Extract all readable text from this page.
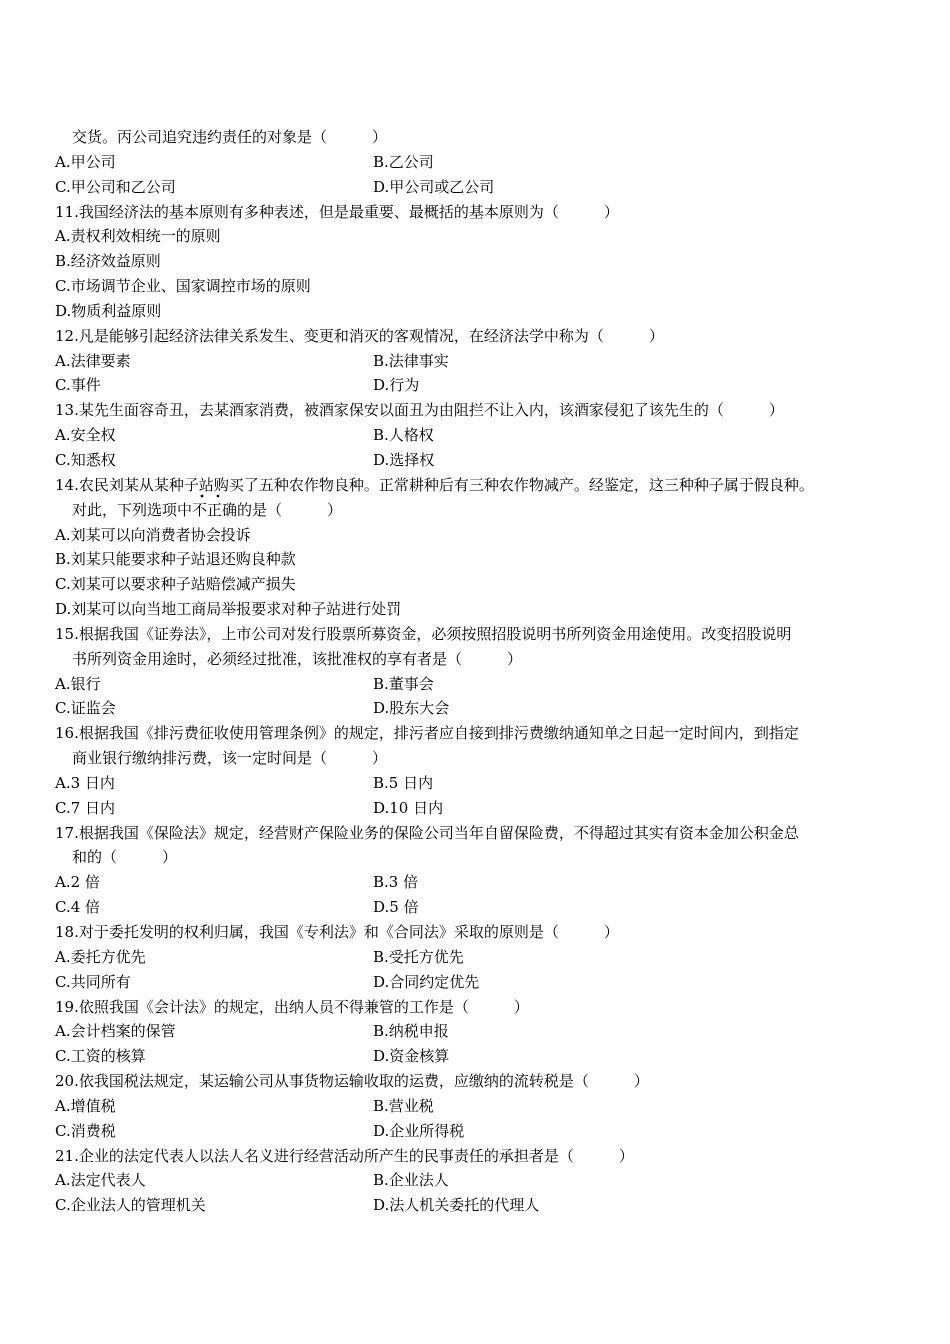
交货。丙公司追究违约责任的对象是（　　　）
A.甲公司	B.乙公司
C.甲公司和乙公司	D.甲公司或乙公司
11.我国经济法的基本原则有多种表述，但是最重要、最概括的基本原则为（　　　）
A.责权利效相统一的原则
B.经济效益原则
C.市场调节企业、国家调控市场的原则
D.物质利益原则
12.凡是能够引起经济法律关系发生、变更和消灭的客观情况，在经济法学中称为（　　　）
A.法律要素	B.法律事实
C.事件	D.行为
13.某先生面容奇丑，去某酒家消费，被酒家保安以面丑为由阻拦不让入内，该酒家侵犯了该先生的（　　　）
A.安全权	B.人格权
C.知悉权	D.选择权
14.农民刘某从某种子站购买了五种农作物良种。正常耕种后有三种农作物减产。经鉴定，这三种种子属于假良种。
对此，下列选项中不正确的是（　　　）
A.刘某可以向消费者协会投诉
B.刘某只能要求种子站退还购良种款
C.刘某可以要求种子站赔偿减产损失
D.刘某可以向当地工商局举报要求对种子站进行处罚
15.根据我国《证券法》，上市公司对发行股票所募资金，必须按照招股说明书所列资金用途使用。改变招股说明
书所列资金用途时，必须经过批准，该批准权的享有者是（　　　）
A.银行	B.董事会
C.证监会	D.股东大会
16.根据我国《排污费征收使用管理条例》的规定，排污者应自接到排污费缴纳通知单之日起一定时间内，到指定
商业银行缴纳排污费，该一定时间是（　　　）
A.3 日内	B.5 日内
C.7 日内	D.10 日内
17.根据我国《保险法》规定，经营财产保险业务的保险公司当年自留保险费，不得超过其实有资本金加公积金总
和的（　　　）
A.2 倍	B.3 倍
C.4 倍	D.5 倍
18.对于委托发明的权利归属，我国《专利法》和《合同法》采取的原则是（　　　）
A.委托方优先	B.受托方优先
C.共同所有	D.合同约定优先
19.依照我国《会计法》的规定，出纳人员不得兼管的工作是（　　　）
A.会计档案的保管	B.纳税申报
C.工资的核算	D.资金核算
20.依我国税法规定，某运输公司从事货物运输收取的运费，应缴纳的流转税是（　　　）
A.增值税	B.营业税
C.消费税	D.企业所得税
21.企业的法定代表人以法人名义进行经营活动所产生的民事责任的承担者是（　　　）
A.法定代表人	B.企业法人
C.企业法人的管理机关	D.法人机关委托的代理人
